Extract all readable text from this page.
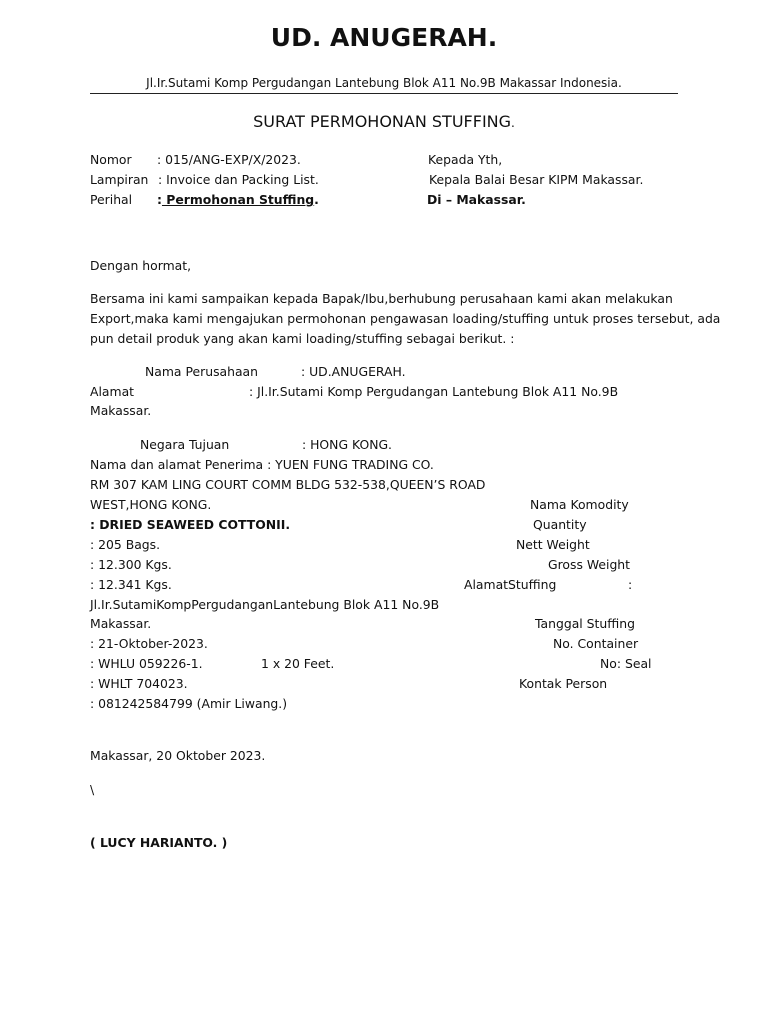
UD. ANUGERAH.
Jl.Ir.Sutami Komp Pergudangan Lantebung Blok A11 No.9B Makassar Indonesia.
SURAT PERMOHONAN STUFFING.
Nomor : 015/ANG-EXP/X/2023.
Lampiran : Invoice dan Packing List.
Perihal : Permohonan Stuffing.
Kepada Yth,
Kepala Balai Besar KIPM Makassar.
Di – Makassar.
Dengan hormat,
Bersama ini kami sampaikan kepada Bapak/Ibu,berhubung perusahaan kami akan melakukan
Export,maka kami mengajukan permohonan pengawasan loading/stuffing untuk proses tersebut, ada
pun detail produk yang akan kami loading/stuffing sebagai berikut. :
Nama Perusahaan	: UD.ANUGERAH.
Alamat	: Jl.Ir.Sutami Komp Pergudangan Lantebung Blok A11 No.9B
Makassar.
Negara Tujuan	: HONG KONG.
Nama dan alamat Penerima : YUEN FUNG TRADING CO.
RM 307 KAM LING COURT COMM BLDG 532-538,QUEEN’S ROAD
WEST,HONG KONG.	Nama Komodity
: DRIED SEAWEED COTTONII.	Quantity
: 205 Bags.	Nett Weight
: 12.300 Kgs.	Gross Weight
: 12.341 Kgs.	AlamatStuffing	:
Jl.Ir.SutamiKompPergudanganLantebung Blok A11 No.9B
Makassar.	Tanggal Stuffing
: 21-Oktober-2023.	No. Container
: WHLU 059226-1.	1 x 20 Feet.	No: Seal
: WHLT 704023.	Kontak Person
: 081242584799 (Amir Liwang.)
Makassar, 20 Oktober 2023.
\
( LUCY HARIANTO. )
